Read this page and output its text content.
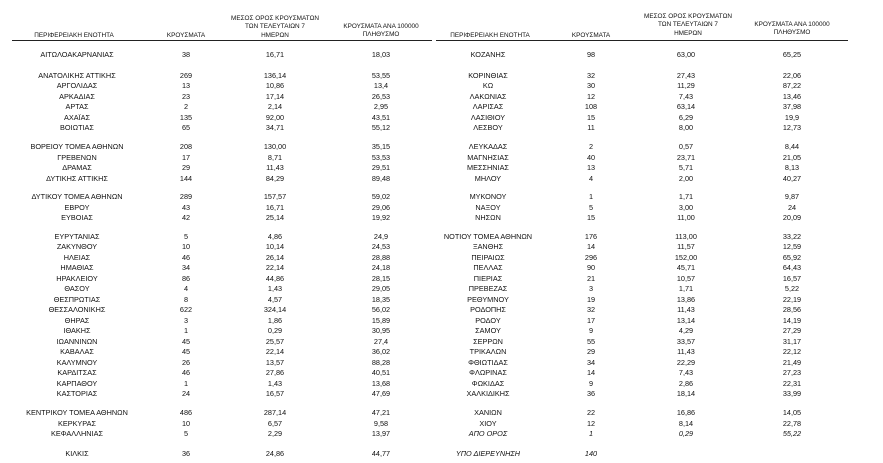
ΠΕΡΙΦΕΡΕΙΑΚΗ ΕΝΟΤΗΤΑ	ΚΡΟΥΣΜΑΤΑ
ΜΕΣΟΣ ΟΡΟΣ ΚΡΟΥΣΜΑΤΩΝ
ΤΩΝ ΤΕΛΕΥΤΑΙΩΝ 7
ΗΜΕΡΩΝ
ΚΡΟΥΣΜΑΤΑ ΑΝΑ 100000
ΠΛΗΘΥΣΜΟ	ΠΕΡΙΦΕΡΕΙΑΚΗ ΕΝΟΤΗΤΑ	ΚΡΟΥΣΜΑΤΑ
ΜΕΣΟΣ ΟΡΟΣ ΚΡΟΥΣΜΑΤΩΝ
ΤΩΝ ΤΕΛΕΥΤΑΙΩΝ 7
ΗΜΕΡΩΝ
ΚΡΟΥΣΜΑΤΑ ΑΝΑ 100000
ΠΛΗΘΥΣΜΟ
ΑΙΤΩΛΟΑΚΑΡΝΑΝΙΑΣ	38	16,71	18,03
ΑΝΑΤΟΛΙΚΗΣ ΑΤΤΙΚΗΣ	269	136,14	53,55
ΑΡΓΟΛΙΔΑΣ	13	10,86	13,4
ΑΡΚΑΔΙΑΣ	23	17,14	26,53
ΑΡΤΑΣ	2	2,14	2,95
ΑΧΑΪΑΣ	135	92,00	43,51
ΒΟΙΩΤΙΑΣ	65	34,71	55,12
ΒΟΡΕΙΟΥ ΤΟΜΕΑ ΑΘΗΝΩΝ	208	130,00	35,15
ΓΡΕΒΕΝΩΝ	17	8,71	53,53
ΔΡΑΜΑΣ	29	11,43	29,51
ΔΥΤΙΚΗΣ ΑΤΤΙΚΗΣ	144	84,29	89,48
ΔΥΤΙΚΟΥ ΤΟΜΕΑ ΑΘΗΝΩΝ	289	157,57	59,02
ΕΒΡΟΥ	43	16,71	29,06
ΕΥΒΟΙΑΣ	42	25,14	19,92
ΕΥΡΥΤΑΝΙΑΣ	5	4,86	24,9
ΖΑΚΥΝΘΟΥ	10	10,14	24,53
ΗΛΕΙΑΣ	46	26,14	28,88
ΗΜΑΘΙΑΣ	34	22,14	24,18
ΗΡΑΚΛΕΙΟΥ	86	44,86	28,15
ΘΑΣΟΥ	4	1,43	29,05
ΘΕΣΠΡΩΤΙΑΣ	8	4,57	18,35
ΘΕΣΣΑΛΟΝΙΚΗΣ	622	324,14	56,02
ΘΗΡΑΣ	3	1,86	15,89
ΙΘΑΚΗΣ	1	0,29	30,95
ΙΩΑΝΝΙΝΩΝ	45	25,57	27,4
ΚΑΒΑΛΑΣ	45	22,14	36,02
ΚΑΛΥΜΝΟΥ	26	13,57	88,28
ΚΑΡΔΙΤΣΑΣ	46	27,86	40,51
ΚΑΡΠΑΘΟΥ	1	1,43	13,68
ΚΑΣΤΟΡΙΑΣ	24	16,57	47,69
ΚΕΝΤΡΙΚΟΥ ΤΟΜΕΑ ΑΘΗΝΩΝ	486	287,14	47,21
ΚΕΡΚΥΡΑΣ	10	6,57	9,58
ΚΕΦΑΛΛΗΝΙΑΣ	5	2,29	13,97
ΚΙΛΚΙΣ	36	24,86	44,77
ΚΟΖΑΝΗΣ	98	63,00	65,25
ΚΟΡΙΝΘΙΑΣ	32	27,43	22,06
ΚΩ	30	11,29	87,22
ΛΑΚΩΝΙΑΣ	12	7,43	13,46
ΛΑΡΙΣΑΣ	108	63,14	37,98
ΛΑΣΙΘΙΟΥ	15	6,29	19,9
ΛΕΣΒΟΥ	11	8,00	12,73
ΛΕΥΚΑΔΑΣ	2	0,57	8,44
ΜΑΓΝΗΣΙΑΣ	40	23,71	21,05
ΜΕΣΣΗΝΙΑΣ	13	5,71	8,13
ΜΗΛΟΥ	4	2,00	40,27
ΜΥΚΟΝΟΥ	1	1,71	9,87
ΝΑΞΟΥ	5	3,00	24
ΝΗΣΩΝ	15	11,00	20,09
ΝΟΤΙΟΥ ΤΟΜΕΑ ΑΘΗΝΩΝ	176	113,00	33,22
ΞΑΝΘΗΣ	14	11,57	12,59
ΠΕΙΡΑΙΩΣ	296	152,00	65,92
ΠΕΛΛΑΣ	90	45,71	64,43
ΠΙΕΡΙΑΣ	21	10,57	16,57
ΠΡΕΒΕΖΑΣ	3	1,71	5,22
ΡΕΘΥΜΝΟΥ	19	13,86	22,19
ΡΟΔΟΠΗΣ	32	11,43	28,56
ΡΟΔΟΥ	17	13,14	14,19
ΣΑΜΟΥ	9	4,29	27,29
ΣΕΡΡΩΝ	55	33,57	31,17
ΤΡΙΚΑΛΩΝ	29	11,43	22,12
ΦΘΙΩΤΙΔΑΣ	34	22,29	21,49
ΦΛΩΡΙΝΑΣ	14	7,43	27,23
ΦΩΚΙΔΑΣ	9	2,86	22,31
ΧΑΛΚΙΔΙΚΗΣ	36	18,14	33,99
ΧΑΝΙΩΝ	22	16,86	14,05
ΧΙΟΥ	12	8,14	22,78
ΑΠΟ ΟΡΟΣ	1	0,29	55,22
ΥΠΟ ΔΙΕΡΕΥΝΗΣΗ	140
